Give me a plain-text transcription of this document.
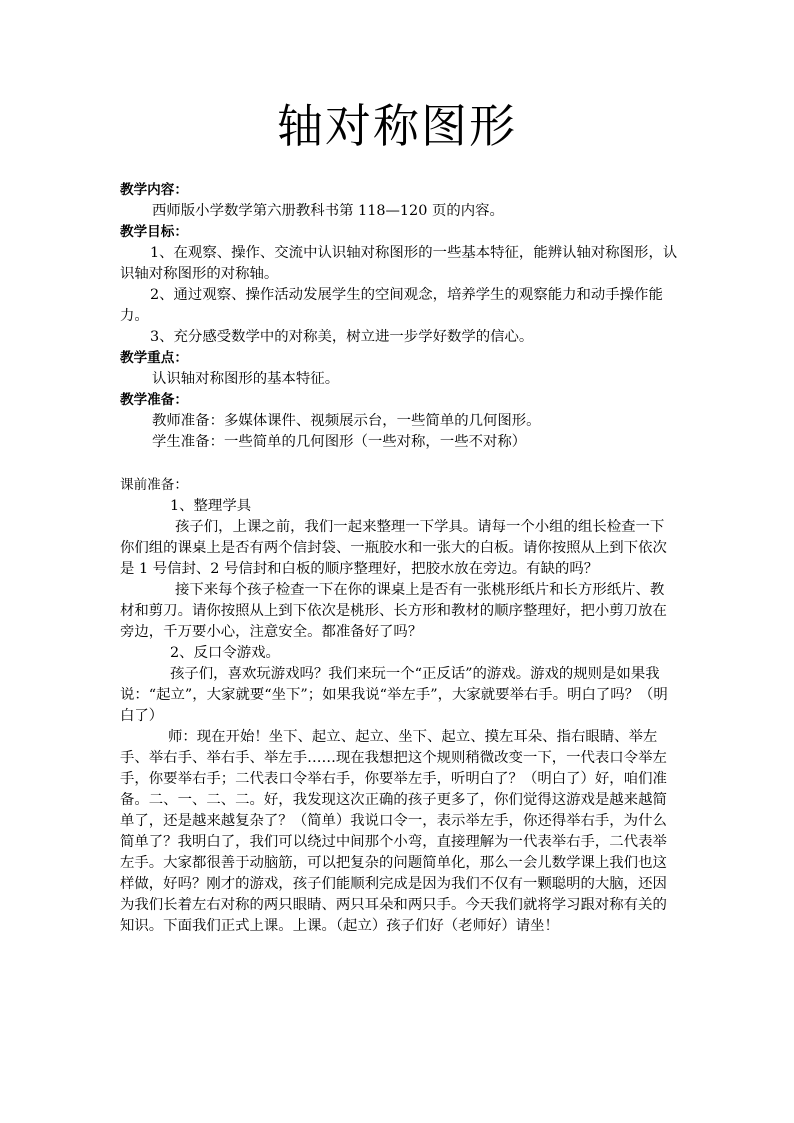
轴对称图形

教学内容：

西师版小学数学第六册教科书第 118—120 页的内容。

教学目标：

1、在观察、操作、交流中认识轴对称图形的一些基本特征，能辨认轴对称图形，认识轴对称图形的对称轴。

2、通过观察、操作活动发展学生的空间观念，培养学生的观察能力和动手操作能力。

3、充分感受数学中的对称美，树立进一步学好数学的信心。

教学重点：

认识轴对称图形的基本特征。

教学准备：

教师准备：多媒体课件、视频展示台，一些简单的几何图形。

学生准备：一些简单的几何图形（一些对称，一些不对称）

课前准备：

1、整理学具

孩子们，上课之前，我们一起来整理一下学具。请每一个小组的组长检查一下你们组的课桌上是否有两个信封袋、一瓶胶水和一张大的白板。请你按照从上到下依次是 1 号信封、2 号信封和白板的顺序整理好，把胶水放在旁边。有缺的吗？

接下来每个孩子检查一下在你的课桌上是否有一张桃形纸片和长方形纸片、教材和剪刀。请你按照从上到下依次是桃形、长方形和教材的顺序整理好，把小剪刀放在旁边，千万要小心，注意安全。都准备好了吗？

2、反口令游戏。

孩子们，喜欢玩游戏吗？我们来玩一个“正反话”的游戏。游戏的规则是如果我说：“起立”，大家就要“坐下”；如果我说“举左手”，大家就要举右手。明白了吗？（明白了）

师：现在开始！坐下、起立、起立、坐下、起立、摸左耳朵、指右眼睛、举左手、举右手、举右手、举左手……现在我想把这个规则稍微改变一下，一代表口令举左手，你要举右手；二代表口令举右手，你要举左手，听明白了？（明白了）好，咱们准备。二、一、二、二。好，我发现这次正确的孩子更多了，你们觉得这游戏是越来越简单了，还是越来越复杂了？（简单）我说口令一，表示举左手，你还得举右手，为什么简单了？我明白了，我们可以绕过中间那个小弯，直接理解为一代表举右手，二代表举左手。大家都很善于动脑筋，可以把复杂的问题简单化，那么一会儿数学课上我们也这样做，好吗？刚才的游戏，孩子们能顺利完成是因为我们不仅有一颗聪明的大脑，还因为我们长着左右对称的两只眼睛、两只耳朵和两只手。今天我们就将学习跟对称有关的知识。下面我们正式上课。上课。（起立）孩子们好（老师好）请坐！
